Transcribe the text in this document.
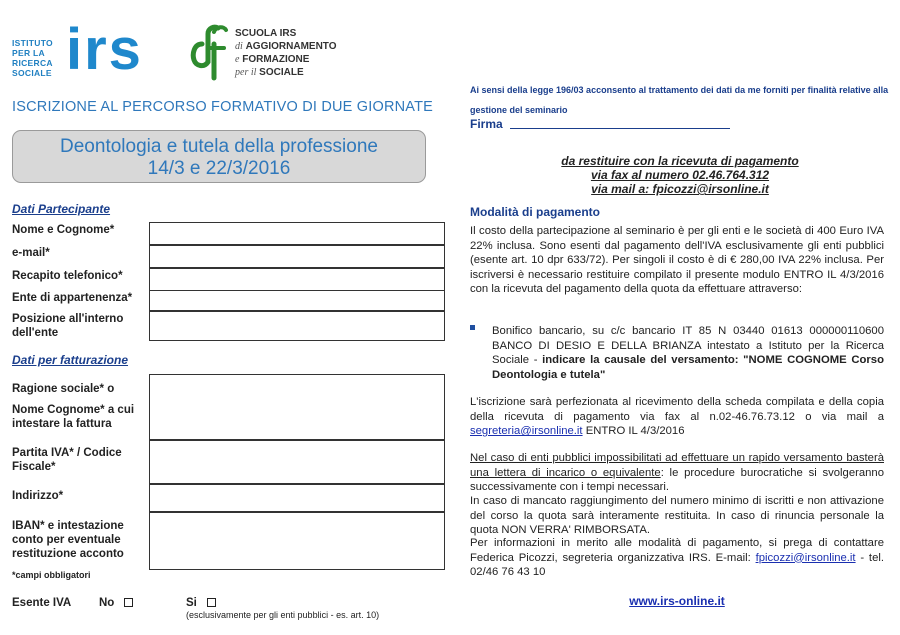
ISTITUTO
PER LA
RICERCA
SOCIALE irs	SCUOLA IRS
di AGGIORNAMENTO
e FORMAZIONE
per il SOCIALE
ISCRIZIONE AL PERCORSO FORMATIVO DI DUE GIORNATE
Deontologia e tutela della professione
14/3 e 22/3/2016
Dati Partecipante
Nome e Cognome*
e-mail*
Recapito telefonico*
Ente di appartenenza*
Posizione all'interno dell'ente
Dati per fatturazione
Ragione sociale* o
Nome Cognome* a cui intestare la fattura
Partita IVA* / Codice Fiscale*
Indirizzo*
IBAN* e intestazione conto per eventuale restituzione acconto
*campi obbligatori
Esente IVA No	Si
(esclusivamente per gli enti pubblici - es. art. 10)
Ai sensi della legge 196/03 acconsento al trattamento dei dati da me forniti per finalità relative alla gestione del seminario
Firma
da restituire con la ricevuta di pagamento
via fax al numero 02.46.764.312
via mail a: fpicozzi@irsonline.it
Modalità di pagamento
Il costo della partecipazione al seminario è per gli enti e le società di 400 Euro IVA 22% inclusa. Sono esenti dal pagamento dell'IVA esclusivamente gli enti pubblici (esente art. 10 dpr 633/72). Per singoli il costo è di € 280,00 IVA 22% inclusa. Per iscriversi è necessario restituire compilato il presente modulo ENTRO IL 4/3/2016 con la ricevuta del pagamento della quota da effettuare attraverso:
Bonifico bancario, su c/c bancario IT 85 N 03440 01613 000000110600 BANCO DI DESIO E DELLA BRIANZA intestato a Istituto per la Ricerca Sociale - indicare la causale del versamento: "NOME COGNOME Corso Deontologia e tutela"
L'iscrizione sarà perfezionata al ricevimento della scheda compilata e della copia della ricevuta di pagamento via fax al n.02-46.76.73.12 o via mail a segreteria@irsonline.it ENTRO IL 4/3/2016
Nel caso di enti pubblici impossibilitati ad effettuare un rapido versamento basterà una lettera di incarico o equivalente: le procedure burocratiche si svolgeranno successivamente con i tempi necessari.
In caso di mancato raggiungimento del numero minimo di iscritti e non attivazione del corso la quota sarà interamente restituita. In caso di rinuncia personale la quota NON VERRA' RIMBORSATA.
Per informazioni in merito alle modalità di pagamento, si prega di contattare Federica Picozzi, segreteria organizzativa IRS. E-mail: fpicozzi@irsonline.it - tel. 02/46 76 43 10
www.irs-online.it
